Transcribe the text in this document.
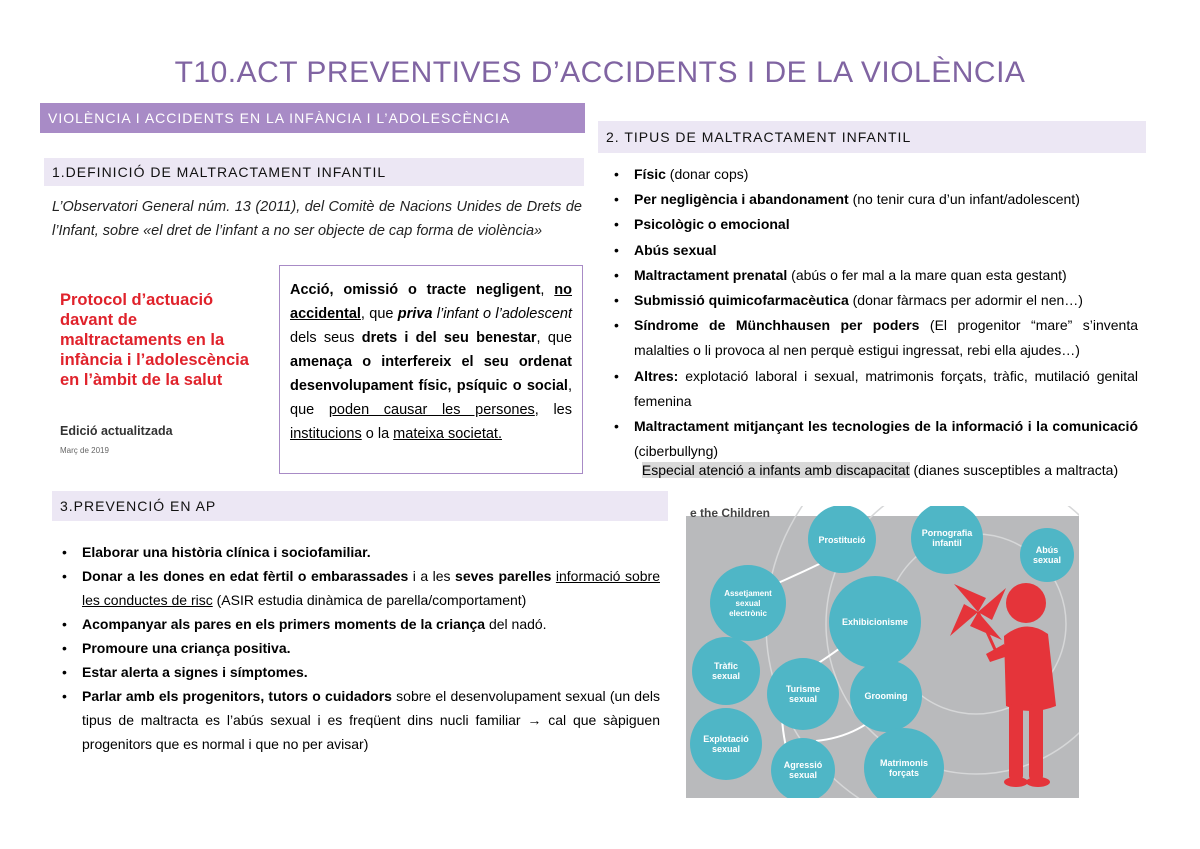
T10.ACT PREVENTIVES D’ACCIDENTS I DE LA VIOLÈNCIA
VIOLÈNCIA I ACCIDENTS EN LA INFÀNCIA I L’ADOLESCÈNCIA
1.DEFINICIÓ DE MALTRACTAMENT INFANTIL
L’Observatori General núm. 13 (2011), del Comitè de Nacions Unides de Drets de l’Infant, sobre «el dret de l’infant a no ser objecte de cap forma de violència»
Protocol d’actuació davant de maltractaments en la infància i l’adolescència en l’àmbit de la salut
Edició actualitzada
Març de 2019
Acció, omissió o tracte negligent, no accidental, que priva l’infant o l’adolescent dels seus drets i del seu benestar, que amenaça o interfereix el seu ordenat desenvolupament físic, psíquic o social, que poden causar les persones, les institucions o la mateixa societat.
2. TIPUS DE MALTRACTAMENT INFANTIL
• Físic (donar cops)
• Per negligència i abandonament (no tenir cura d’un infant/adolescent)
• Psicològic o emocional
• Abús sexual
• Maltractament prenatal (abús o fer mal a la mare quan esta gestant)
• Submissió quimicofarmacèutica (donar fàrmacs per adormir el nen…)
• Síndrome de Münchhausen per poders (El progenitor “mare” s’inventa malalties o li provoca al nen perquè estigui ingressat, rebi ella ajudes…)
• Altres: explotació laboral i sexual, matrimonis forçats, tràfic, mutilació genital femenina
• Maltractament mitjançant les tecnologies de la informació i la comunicació (ciberbullyng)
Especial atenció a infants amb discapacitat (dianes susceptibles a maltracta)
3.PREVENCIÓ EN AP
• Elaborar una història clínica i sociofamiliar.
• Donar a les dones en edat fèrtil o embarassades i a les seves parelles informació sobre les conductes de risc (ASIR estudia dinàmica de parella/comportament)
• Acompanyar als pares en els primers moments de la criança del nadó.
• Promoure una criança positiva.
• Estar alerta a signes i símptomes.
• Parlar amb els progenitors, tutors o cuidadors sobre el desenvolupament sexual (un dels tipus de maltracta es l’abús sexual i es freqüent dins nucli familiar → cal que sàpiguen progenitors que es normal i que no per avisar)
e the Children
Prostitució
Pornografia infantil
Abús sexual
Assetjament sexual electrònic
Exhibicionisme
Tràfic sexual
Turisme sexual	Grooming
Explotació sexual
Agressió sexual
Matrimonis forçats
